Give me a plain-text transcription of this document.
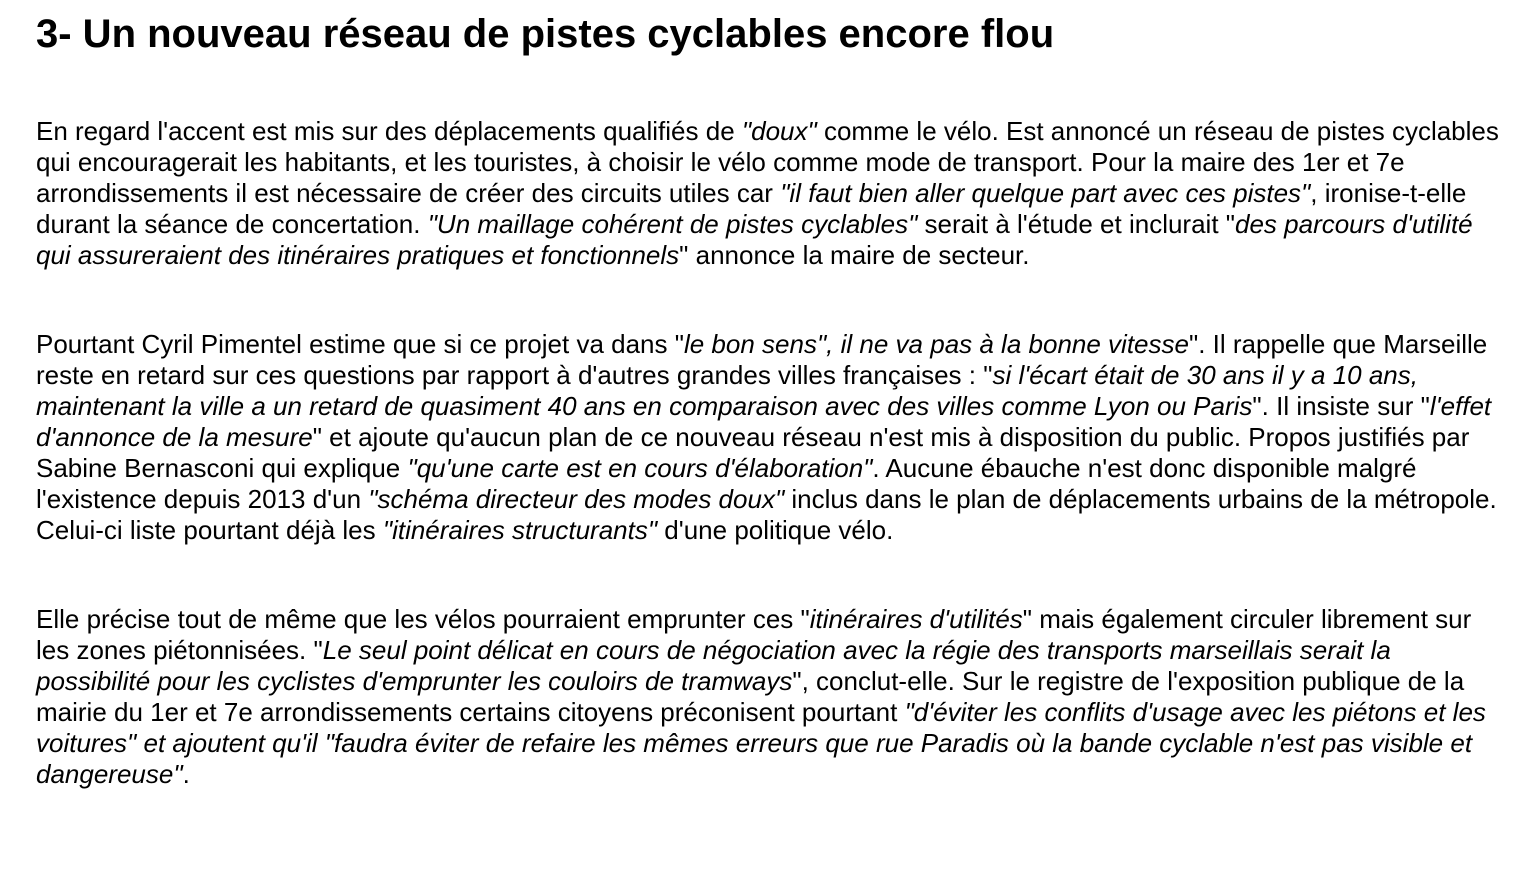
3- Un nouveau réseau de pistes cyclables encore flou

En regard l'accent est mis sur des déplacements qualifiés de "doux" comme le vélo. Est annoncé un réseau de pistes cyclables qui encouragerait les habitants, et les touristes, à choisir le vélo comme mode de transport. Pour la maire des 1er et 7e arrondissements il est nécessaire de créer des circuits utiles car "il faut bien aller quelque part avec ces pistes", ironise-t-elle durant la séance de concertation. "Un maillage cohérent de pistes cyclables" serait à l'étude et inclurait "des parcours d'utilité qui assureraient des itinéraires pratiques et fonctionnels" annonce la maire de secteur.

Pourtant Cyril Pimentel estime que si ce projet va dans "le bon sens", il ne va pas à la bonne vitesse". Il rappelle que Marseille reste en retard sur ces questions par rapport à d'autres grandes villes françaises : "si l'écart était de 30 ans il y a 10 ans, maintenant la ville a un retard de quasiment 40 ans en comparaison avec des villes comme Lyon ou Paris". Il insiste sur "l'effet d'annonce de la mesure" et ajoute qu'aucun plan de ce nouveau réseau n'est mis à disposition du public. Propos justifiés par Sabine Bernasconi qui explique "qu'une carte est en cours d'élaboration". Aucune ébauche n'est donc disponible malgré l'existence depuis 2013 d'un "schéma directeur des modes doux" inclus dans le plan de déplacements urbains de la métropole. Celui-ci liste pourtant déjà les "itinéraires structurants" d'une politique vélo.

Elle précise tout de même que les vélos pourraient emprunter ces "itinéraires d'utilités" mais également circuler librement sur les zones piétonnisées. "Le seul point délicat en cours de négociation avec la régie des transports marseillais serait la possibilité pour les cyclistes d'emprunter les couloirs de tramways", conclut-elle. Sur le registre de l'exposition publique de la mairie du 1er et 7e arrondissements certains citoyens préconisent pourtant "d'éviter les conflits d'usage avec les piétons et les voitures" et ajoutent qu'il "faudra éviter de refaire les mêmes erreurs que rue Paradis où la bande cyclable n'est pas visible et dangereuse".
